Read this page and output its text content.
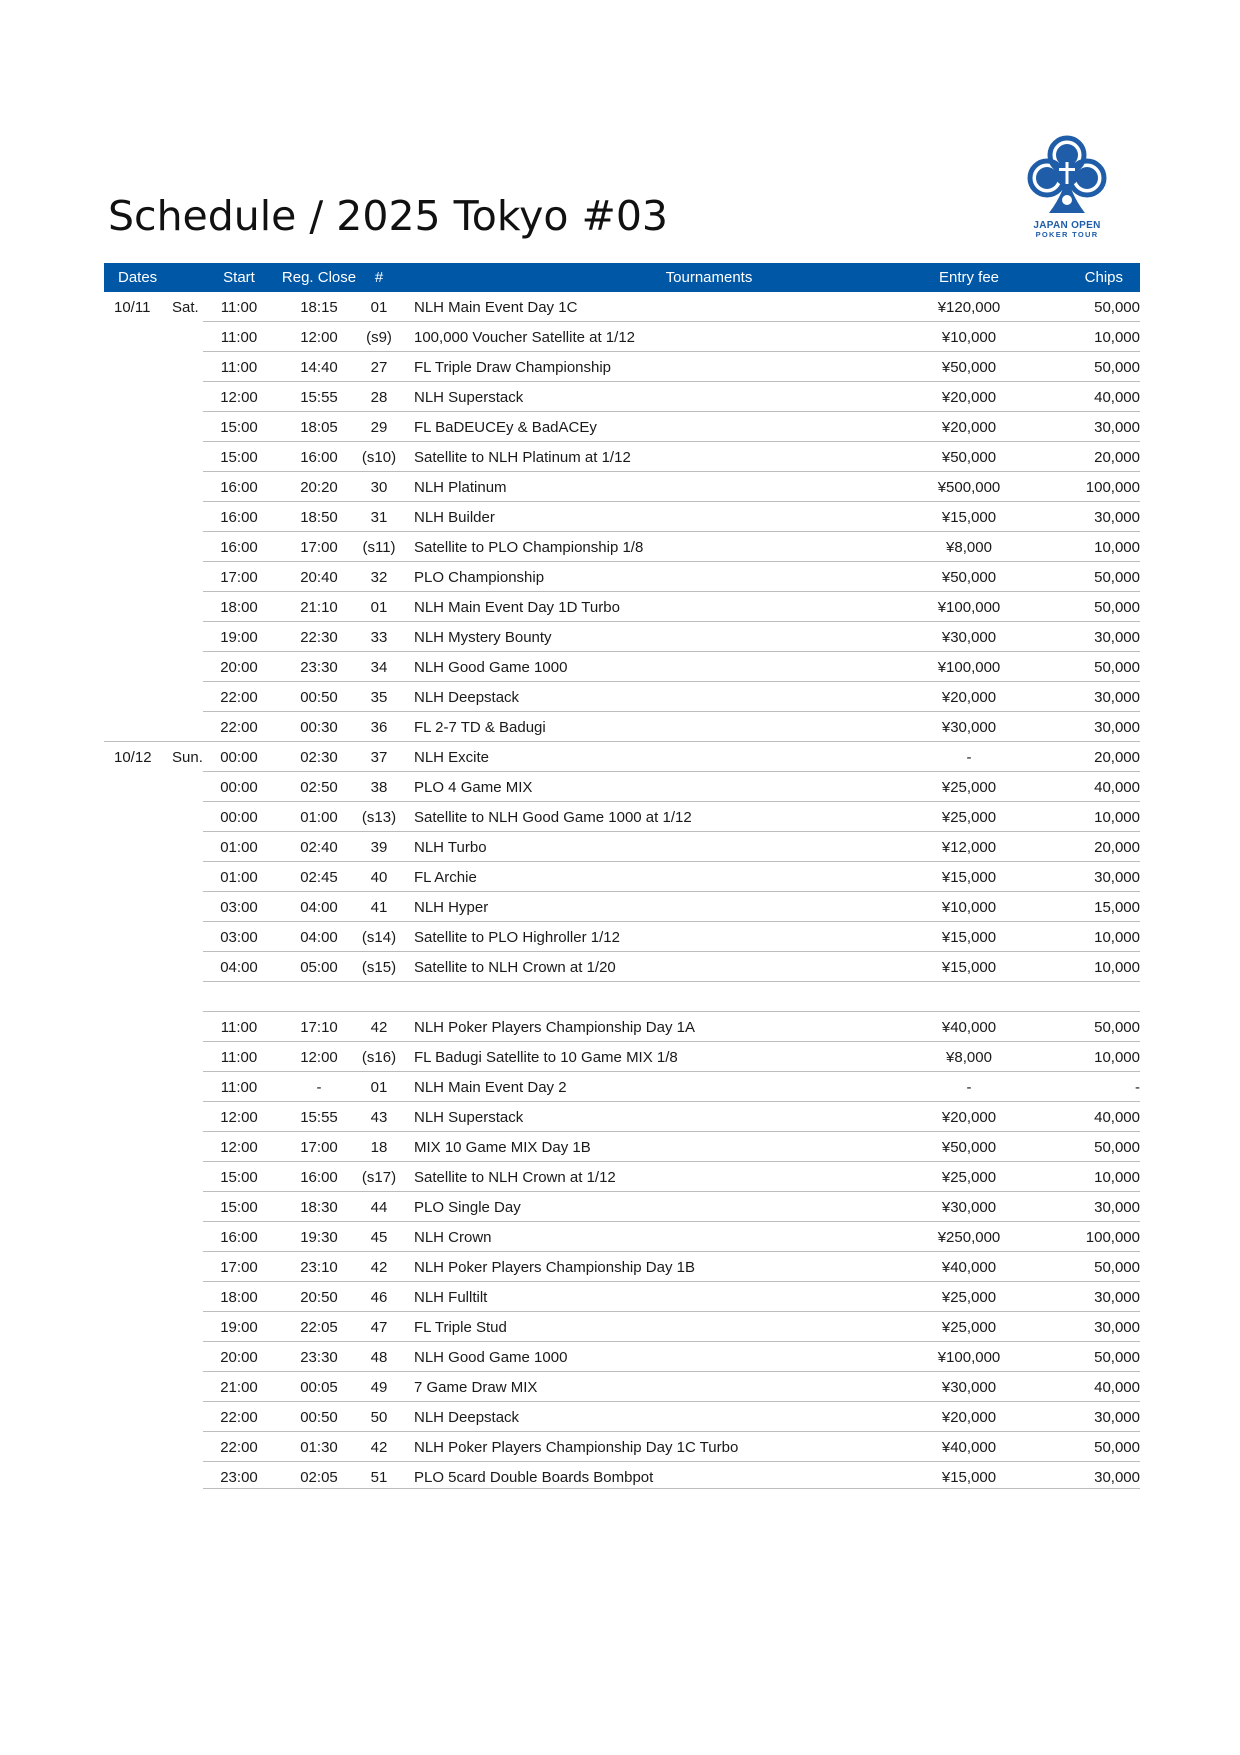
Schedule / 2025 Tokyo #03	JAPAN OPEN
POKER TOUR
Dates	Start	Reg. Close	#	Tournaments	Entry fee	Chips
10/11 Sat.	11:00	18:15	01	NLH Main Event Day 1C	¥120,000	50,000
11:00	12:00	(s9)	100,000 Voucher Satellite at 1/12	¥10,000	10,000
11:00	14:40	27	FL Triple Draw Championship	¥50,000	50,000
12:00	15:55	28	NLH Superstack	¥20,000	40,000
15:00	18:05	29	FL BaDEUCEy & BadACEy	¥20,000	30,000
15:00	16:00	(s10) Satellite to NLH Platinum at 1/12	¥50,000	20,000
16:00	20:20	30	NLH Platinum	¥500,000	100,000
16:00	18:50	31	NLH Builder	¥15,000	30,000
16:00	17:00	(s11) Satellite to PLO Championship 1/8	¥8,000	10,000
17:00	20:40	32	PLO Championship	¥50,000	50,000
18:00	21:10	01	NLH Main Event Day 1D Turbo	¥100,000	50,000
19:00	22:30	33	NLH Mystery Bounty	¥30,000	30,000
20:00	23:30	34	NLH Good Game 1000	¥100,000	50,000
22:00	00:50	35	NLH Deepstack	¥20,000	30,000
22:00	00:30	36	FL 2-7 TD & Badugi	¥30,000	30,000
10/12 Sun.	00:00	02:30	37	NLH Excite	-	20,000
00:00	02:50	38	PLO 4 Game MIX	¥25,000	40,000
00:00	01:00	(s13) Satellite to NLH Good Game 1000 at 1/12	¥25,000	10,000
01:00	02:40	39	NLH Turbo	¥12,000	20,000
01:00	02:45	40	FL Archie	¥15,000	30,000
03:00	04:00	41	NLH Hyper	¥10,000	15,000
03:00	04:00	(s14) Satellite to PLO Highroller 1/12	¥15,000	10,000
04:00	05:00	(s15) Satellite to NLH Crown at 1/20	¥15,000	10,000
11:00	17:10	42	NLH Poker Players Championship Day 1A	¥40,000	50,000
11:00	12:00	(s16) FL Badugi Satellite to 10 Game MIX 1/8	¥8,000	10,000
11:00	-	01	NLH Main Event Day 2	-	-
12:00	15:55	43	NLH Superstack	¥20,000	40,000
12:00	17:00	18	MIX 10 Game MIX Day 1B	¥50,000	50,000
15:00	16:00	(s17) Satellite to NLH Crown at 1/12	¥25,000	10,000
15:00	18:30	44	PLO Single Day	¥30,000	30,000
16:00	19:30	45	NLH Crown	¥250,000	100,000
17:00	23:10	42	NLH Poker Players Championship Day 1B	¥40,000	50,000
18:00	20:50	46	NLH Fulltilt	¥25,000	30,000
19:00	22:05	47	FL Triple Stud	¥25,000	30,000
20:00	23:30	48	NLH Good Game 1000	¥100,000	50,000
21:00	00:05	49	7 Game Draw MIX	¥30,000	40,000
22:00	00:50	50	NLH Deepstack	¥20,000	30,000
22:00	01:30	42	NLH Poker Players Championship Day 1C Turbo	¥40,000	50,000
23:00	02:05	51	PLO 5card Double Boards Bombpot	¥15,000	30,000
